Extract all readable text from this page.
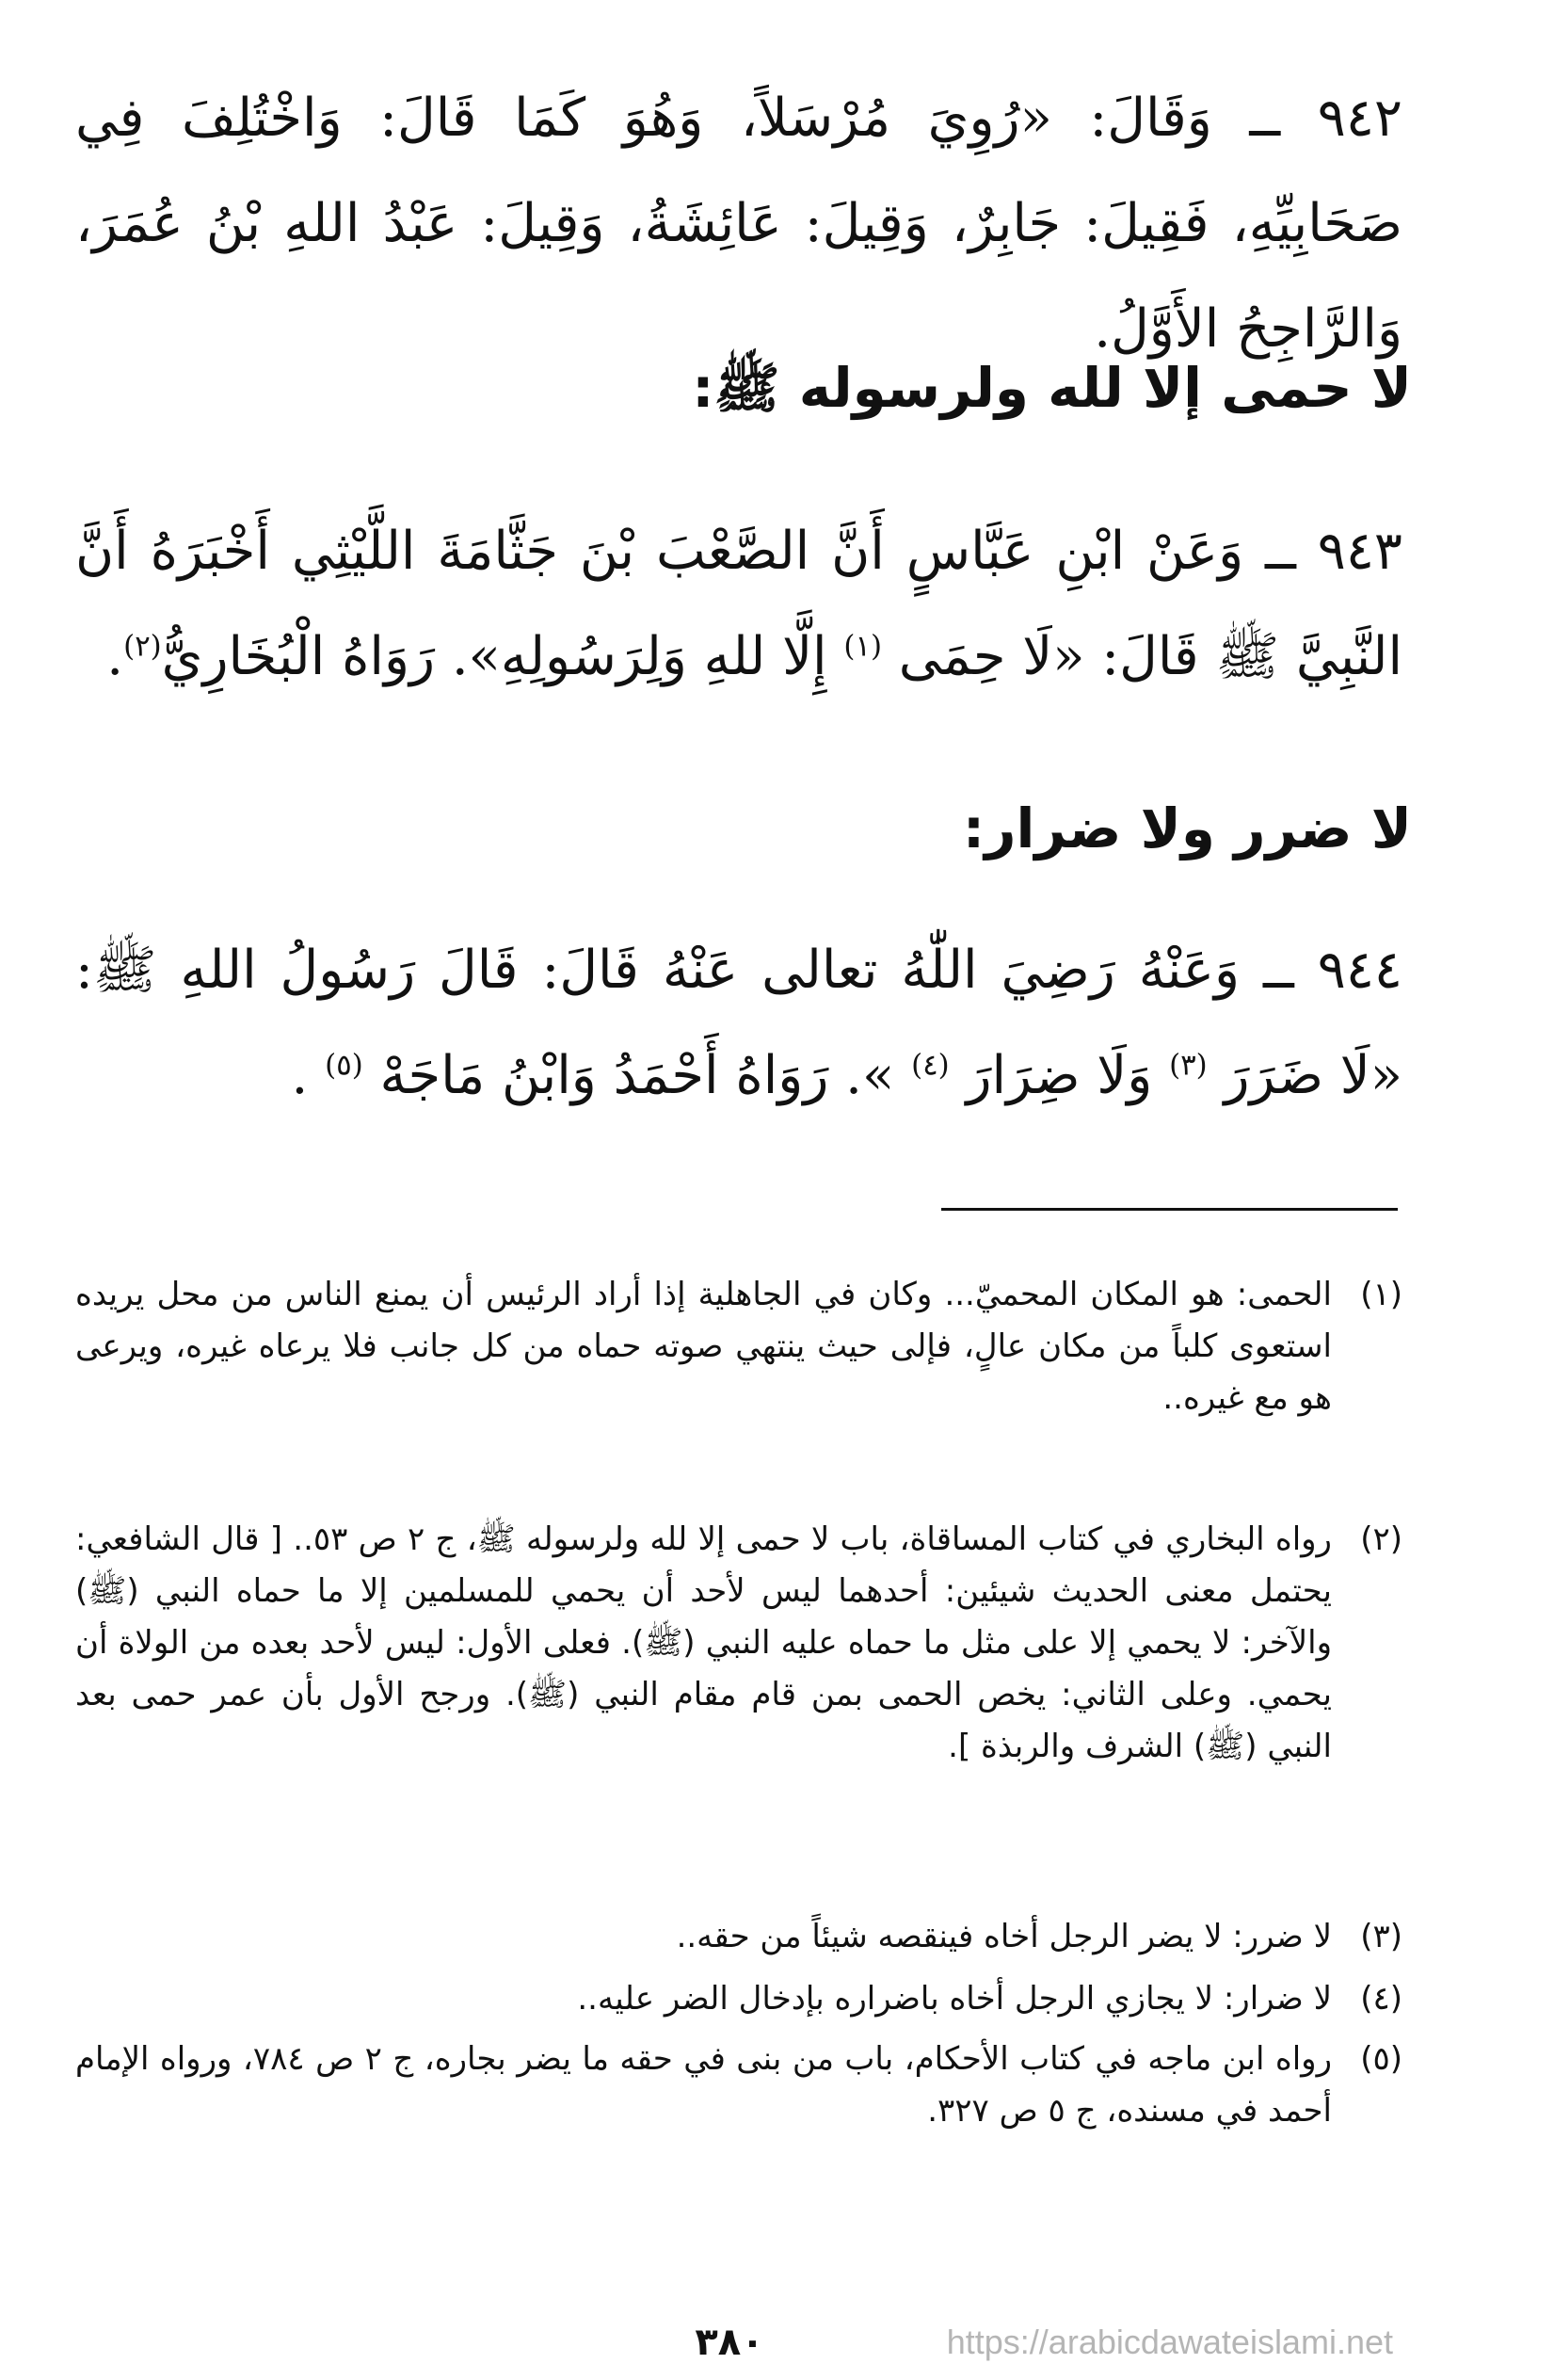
٩٤٢ ــ وَقَالَ: «رُوِيَ مُرْسَلاً، وَهُوَ كَمَا قَالَ: وَاخْتُلِفَ فِي صَحَابِيِّهِ، فَقِيلَ: جَابِرٌ، وَقِيلَ: عَائِشَةُ، وَقِيلَ: عَبْدُ اللهِ بْنُ عُمَرَ، وَالرَّاجِحُ الأَوَّلُ.

لا حمى إلا لله ولرسوله ﷺ:

٩٤٣ ــ وَعَنْ ابْنِ عَبَّاسٍ أَنَّ الصَّعْبَ بْنَ جَثَّامَةَ اللَّيْثِي أَخْبَرَهُ أَنَّ النَّبِيَّ ﷺ قَالَ: «لَا حِمَى $^{(١)}$ إِلَّا للهِ وَلِرَسُولِهِ». رَوَاهُ الْبُخَارِيُّ$^{(٢)}$.

لا ضرر ولا ضرار:

٩٤٤ ــ وَعَنْهُ رَضِيَ اللّٰهُ تعالى عَنْهُ قَالَ: قَالَ رَسُولُ اللهِ ﷺ: «لَا ضَرَرَ $^{(٣)}$ وَلَا ضِرَارَ $^{(٤)}$ ». رَوَاهُ أَحْمَدُ وَابْنُ مَاجَهْ $^{(٥)}$ .

(١)
الحمى: هو المكان المحميّ... وكان في الجاهلية إذا أراد الرئيس أن يمنع الناس من محل يريده استعوى كلباً من مكان عالٍ، فإلى حيث ينتهي صوته حماه من كل جانب فلا يرعاه غيره، ويرعى هو مع غيره..
(٢)
رواه البخاري في كتاب المساقاة، باب لا حمى إلا لله ولرسوله ﷺ، ج ٢ ص ٥٣.. [ قال الشافعي: يحتمل معنى الحديث شيئين: أحدهما ليس لأحد أن يحمي للمسلمين إلا ما حماه النبي (ﷺ) والآخر: لا يحمي إلا على مثل ما حماه عليه النبي (ﷺ). فعلى الأول: ليس لأحد بعده من الولاة أن يحمي. وعلى الثاني: يخص الحمى بمن قام مقام النبي (ﷺ). ورجح الأول بأن عمر حمى بعد النبي (ﷺ) الشرف والربذة ].
(٣)
لا ضرر: لا يضر الرجل أخاه فينقصه شيئاً من حقه..
(٤)
لا ضرار: لا يجازي الرجل أخاه باضراره بإدخال الضر عليه..
(٥)
رواه ابن ماجه في كتاب الأحكام، باب من بنى في حقه ما يضر بجاره، ج ٢ ص ٧٨٤، ورواه الإمام أحمد في مسنده، ج ٥ ص ٣٢٧.
٣٨٠	https://arabicdawateislami.net
